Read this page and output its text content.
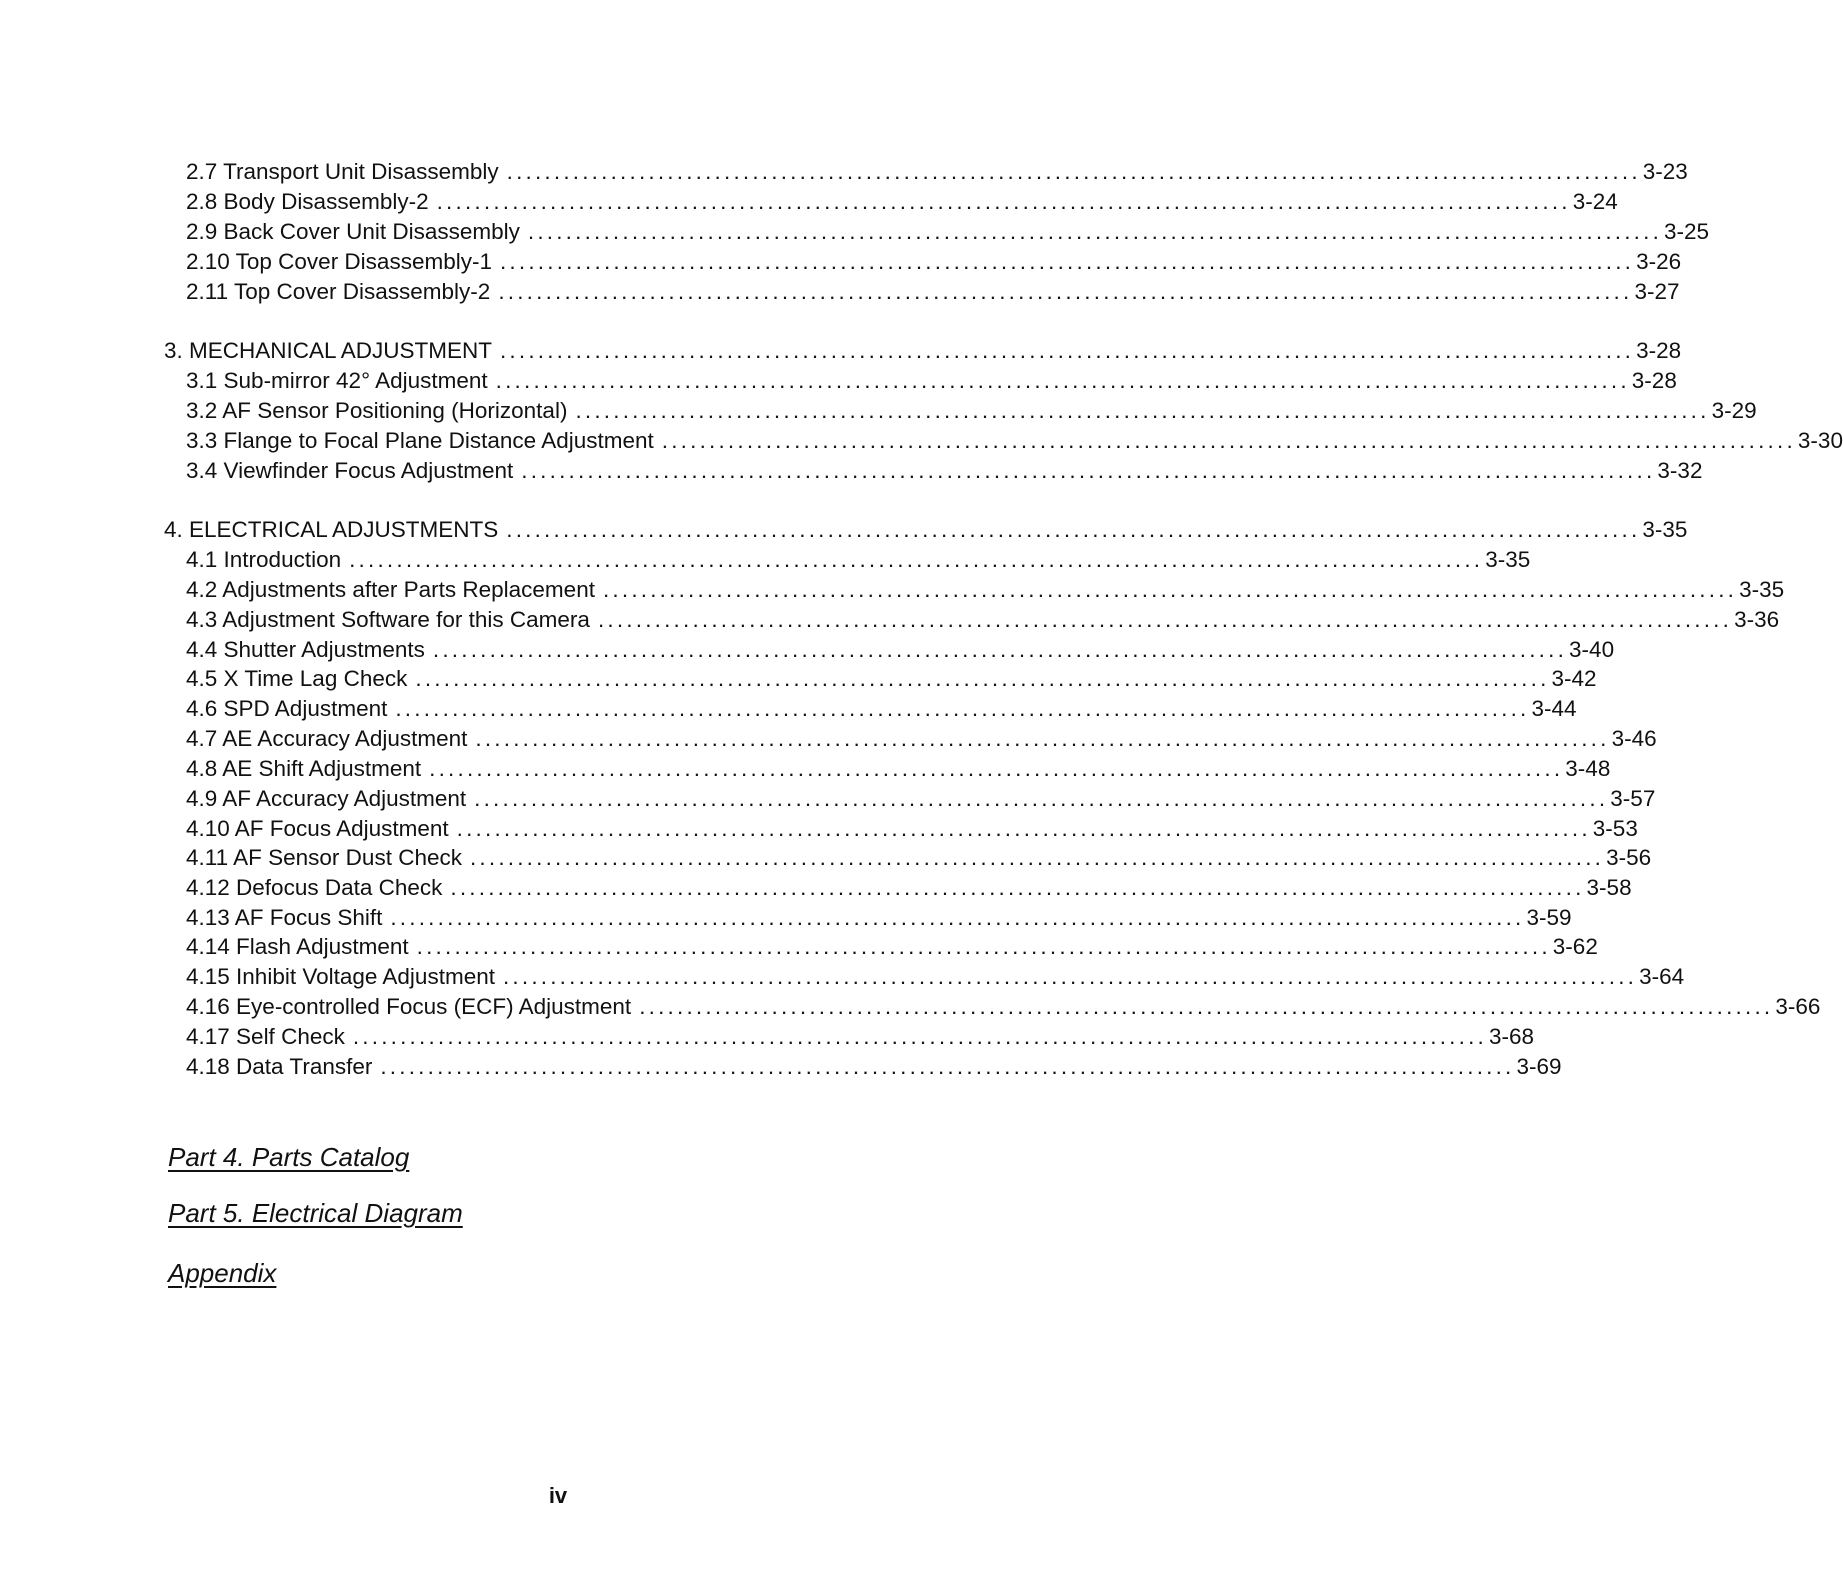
2.7 Transport Unit Disassembly ........................................................................................................................ 3-23
2.8 Body Disassembly-2 ........................................................................................................................ 3-24
2.9 Back Cover Unit Disassembly ........................................................................................................................ 3-25
2.10 Top Cover Disassembly-1 ........................................................................................................................ 3-26
2.11 Top Cover Disassembly-2 ........................................................................................................................ 3-27
3. MECHANICAL ADJUSTMENT ........................................................................................................................ 3-28
3.1 Sub-mirror 42° Adjustment ........................................................................................................................ 3-28
3.2 AF Sensor Positioning (Horizontal) ........................................................................................................................ 3-29
3.3 Flange to Focal Plane Distance Adjustment ........................................................................................................................ 3-30
3.4 Viewfinder Focus Adjustment ........................................................................................................................ 3-32
4. ELECTRICAL ADJUSTMENTS ........................................................................................................................ 3-35
4.1 Introduction ........................................................................................................................ 3-35
4.2 Adjustments after Parts Replacement ........................................................................................................................ 3-35
4.3 Adjustment Software for this Camera ........................................................................................................................ 3-36
4.4 Shutter Adjustments ........................................................................................................................ 3-40
4.5 X Time Lag Check ........................................................................................................................ 3-42
4.6 SPD Adjustment ........................................................................................................................ 3-44
4.7 AE Accuracy Adjustment ........................................................................................................................ 3-46
4.8 AE Shift Adjustment ........................................................................................................................ 3-48
4.9 AF Accuracy Adjustment ........................................................................................................................ 3-57
4.10 AF Focus Adjustment ........................................................................................................................ 3-53
4.11 AF Sensor Dust Check ........................................................................................................................ 3-56
4.12 Defocus Data Check ........................................................................................................................ 3-58
4.13 AF Focus Shift ........................................................................................................................ 3-59
4.14 Flash Adjustment ........................................................................................................................ 3-62
4.15 Inhibit Voltage Adjustment ........................................................................................................................ 3-64
4.16 Eye-controlled Focus (ECF) Adjustment ........................................................................................................................ 3-66
4.17 Self Check ........................................................................................................................ 3-68
4.18 Data Transfer ........................................................................................................................ 3-69
Part 4. Parts Catalog
Part 5. Electrical Diagram
Appendix
iv
